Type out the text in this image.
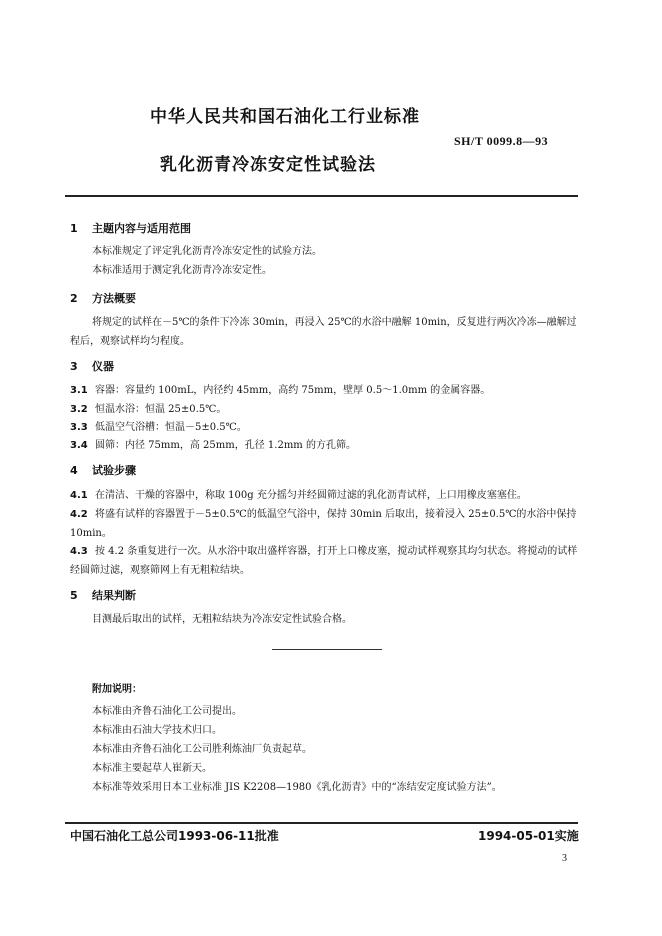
中华人民共和国石油化工行业标准
SH/T 0099.8—93
乳化沥青冷冻安定性试验法
1 主题内容与适用范围

本标准规定了评定乳化沥青冷冻安定性的试验方法。

本标准适用于测定乳化沥青冷冻安定性。

2 方法概要

将规定的试样在－5℃的条件下冷冻 30min，再浸入 25℃的水浴中融解 10min，反复进行两次冷冻—融解过程后，观察试样均匀程度。

3 仪器

3.1 容器：容量约 100mL，内径约 45mm，高约 75mm，壁厚 0.5～1.0mm 的金属容器。

3.2 恒温水浴：恒温 25±0.5℃。

3.3 低温空气浴槽：恒温－5±0.5℃。

3.4 圆筛：内径 75mm，高 25mm，孔径 1.2mm 的方孔筛。

4 试验步骤

4.1 在清洁、干燥的容器中，称取 100g 充分摇匀并经圆筛过滤的乳化沥青试样，上口用橡皮塞塞住。

4.2 将盛有试样的容器置于－5±0.5℃的低温空气浴中，保持 30min 后取出，接着浸入 25±0.5℃的水浴中保持 10min。

4.3 按 4.2 条重复进行一次。从水浴中取出盛样容器，打开上口橡皮塞，搅动试样观察其均匀状态。将搅动的试样经圆筛过滤，观察筛网上有无粗粒结块。

5 结果判断

目测最后取出的试样，无粗粒结块为冷冻安定性试验合格。

附加说明：

本标准由齐鲁石油化工公司提出。

本标准由石油大学技术归口。

本标准由齐鲁石油化工公司胜利炼油厂负责起草。

本标准主要起草人崔新天。

本标准等效采用日本工业标准 JIS K2208—1980《乳化沥青》中的“冻结安定度试验方法”。

中国石油化工总公司1993-06-11批准	1994-05-01实施
3
